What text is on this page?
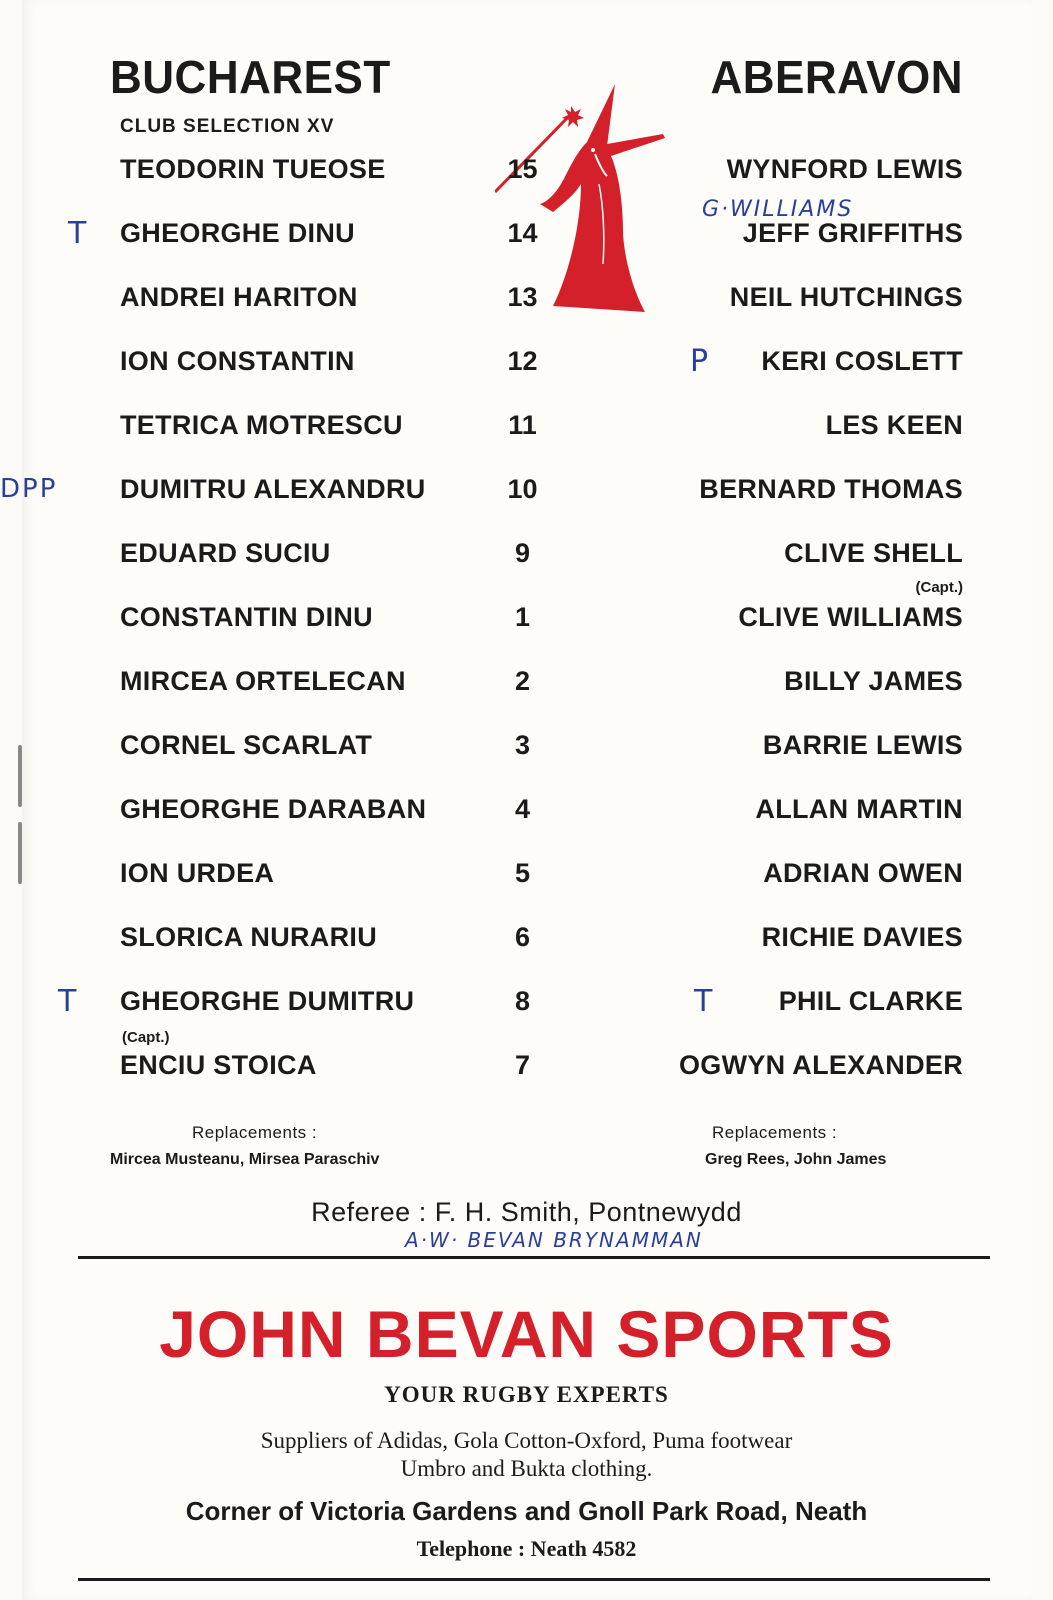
BUCHAREST
CLUB SELECTION XV
ABERAVON
TEODORIN TUEOSE	15	WYNFORD LEWIS
GHEORGHE DINU	14	JEFF GRIFFITHS
ANDREI HARITON	13	NEIL HUTCHINGS
ION CONSTANTIN	12	KERI COSLETT
TETRICA MOTRESCU	11	LES KEEN
DUMITRU ALEXANDRU	10	BERNARD THOMAS
EDUARD SUCIU	9	CLIVE SHELL
(Capt.)
CONSTANTIN DINU	1	CLIVE WILLIAMS
MIRCEA ORTELECAN	2	BILLY JAMES
CORNEL SCARLAT	3	BARRIE LEWIS
GHEORGHE DARABAN	4	ALLAN MARTIN
ION URDEA	5	ADRIAN OWEN
SLORICA NURARIU	6	RICHIE DAVIES
GHEORGHE DUMITRU	8	PHIL CLARKE
(Capt.)
ENCIU STOICA	7	OGWYN ALEXANDER
T
DPP
T
G·WILLIAMS
P
T
Replacements :
Mircea Musteanu, Mirsea Paraschiv
Replacements :
Greg Rees, John James
Referee : F. H. Smith, Pontnewydd
A·W· BEVAN BRYNAMMAN
JOHN BEVAN SPORTS
YOUR RUGBY EXPERTS
Suppliers of Adidas, Gola Cotton-Oxford, Puma footwear
Umbro and Bukta clothing.
Corner of Victoria Gardens and Gnoll Park Road, Neath
Telephone : Neath 4582
